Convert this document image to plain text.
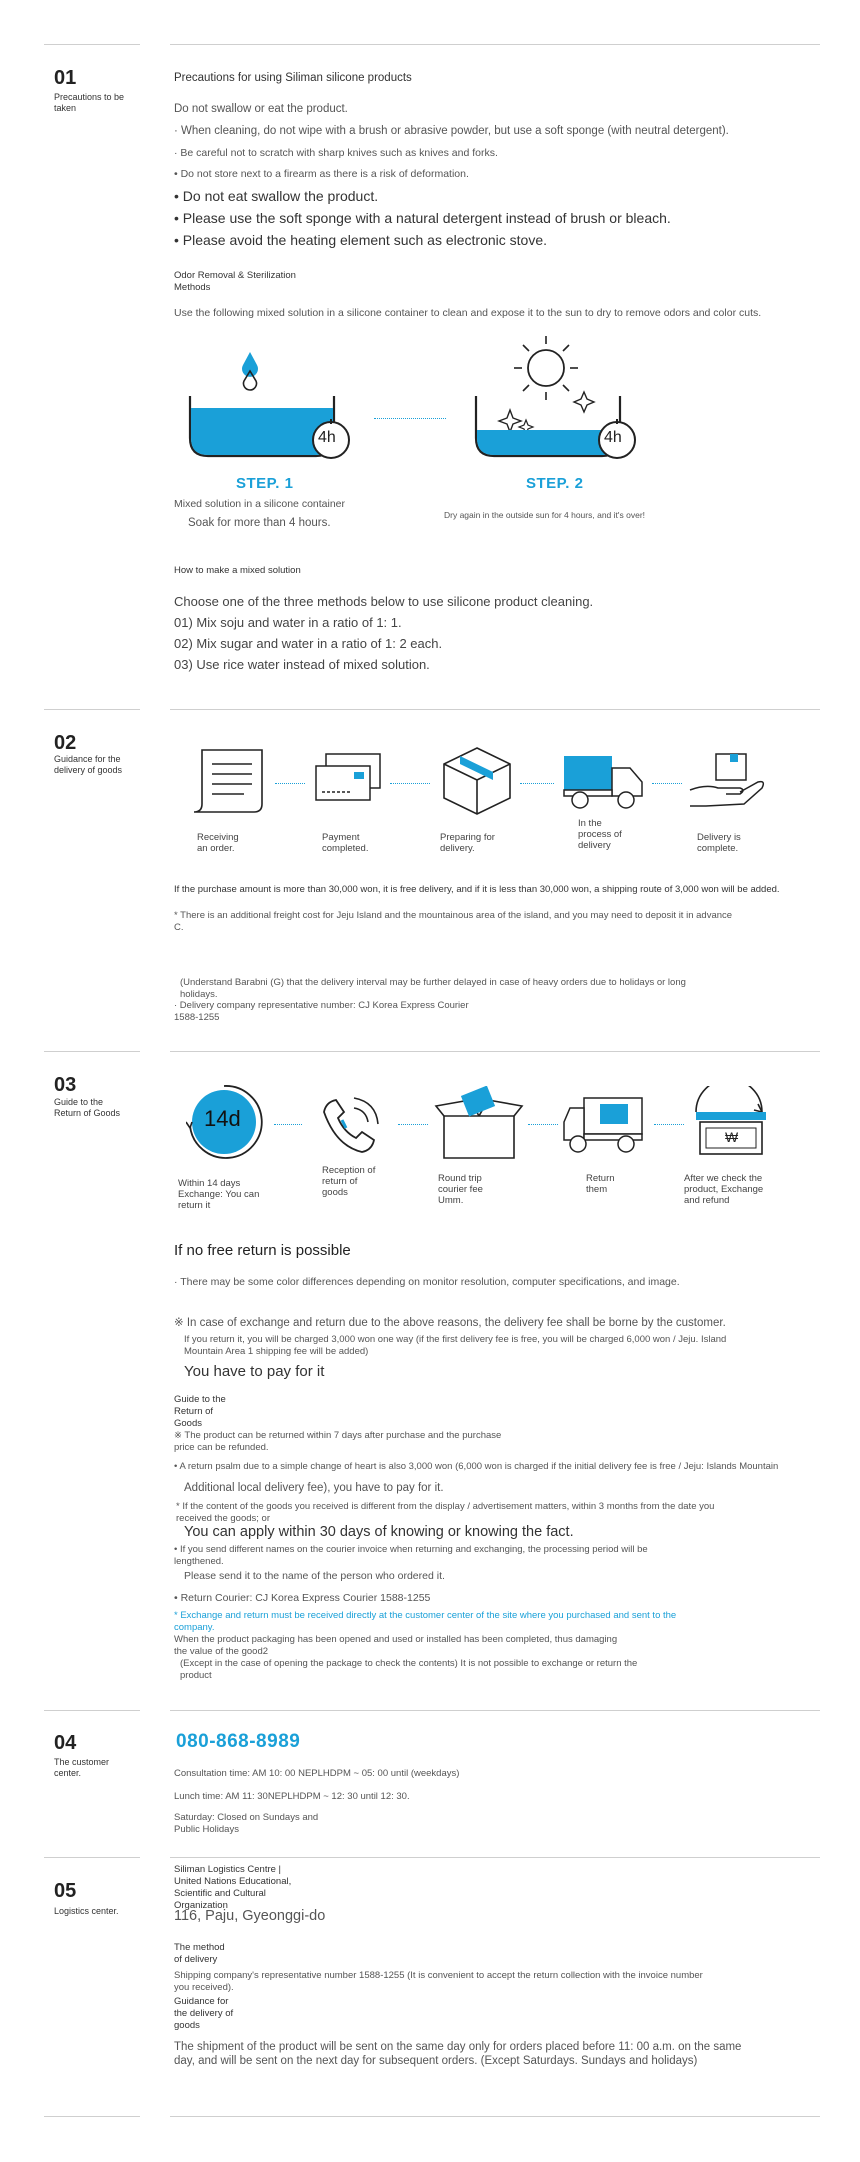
01
Precautions to be taken
Precautions for using Siliman silicone products
Do not swallow or eat the product.
· When cleaning, do not wipe with a brush or abrasive powder, but use a soft sponge (with neutral detergent).
· Be careful not to scratch with sharp knives such as knives and forks.
• Do not store next to a firearm as there is a risk of deformation.
• Do not eat swallow the product.
• Please use the soft sponge with a natural detergent instead of brush or bleach.
• Please avoid the heating element such as electronic stove.
Odor Removal & Sterilization Methods
Use the following mixed solution in a silicone container to clean and expose it to the sun to dry to remove odors and color cuts.
4h	4h
STEP. 1	STEP. 2
Mixed solution in a silicone container
Soak for more than 4 hours.
Dry again in the outside sun for 4 hours, and it's over!
How to make a mixed solution
Choose one of the three methods below to use silicone product cleaning.
01) Mix soju and water in a ratio of 1: 1.
02) Mix sugar and water in a ratio of 1: 2 each.
03) Use rice water instead of mixed solution.
02
Guidance for the delivery of goods
Receiving an order.
Payment completed.
Preparing for delivery.
In the process of delivery
Delivery is complete.
If the purchase amount is more than 30,000 won, it is free delivery, and if it is less than 30,000 won, a shipping route of 3,000 won will be added.
* There is an additional freight cost for Jeju Island and the mountainous area of the island, and you may need to deposit it in advance C.
(Understand Barabni (G) that the delivery interval may be further delayed in case of heavy orders due to holidays or long holidays.
· Delivery company representative number: CJ Korea Express Courier 1588-1255
03
Guide to the Return of Goods	14d
₩
Within 14 days Exchange: You can return it
Reception of return of goods
Round trip courier fee Umm.
Return them
After we check the product, Exchange and refund
If no free return is possible
· There may be some color differences depending on monitor resolution, computer specifications, and image.
※ In case of exchange and return due to the above reasons, the delivery fee shall be borne by the customer.
If you return it, you will be charged 3,000 won one way (if the first delivery fee is free, you will be charged 6,000 won / Jeju. Island Mountain Area 1 shipping fee will be added)
You have to pay for it
Guide to the Return of Goods
※ The product can be returned within 7 days after purchase and the purchase price can be refunded.
• A return psalm due to a simple change of heart is also 3,000 won (6,000 won is charged if the initial delivery fee is free / Jeju: Islands Mountain
Additional local delivery fee), you have to pay for it.
* If the content of the goods you received is different from the display / advertisement matters, within 3 months from the date you received the goods; or
You can apply within 30 days of knowing or knowing the fact.
• If you send different names on the courier invoice when returning and exchanging, the processing period will be lengthened.
Please send it to the name of the person who ordered it.
• Return Courier: CJ Korea Express Courier 1588-1255
* Exchange and return must be received directly at the customer center of the site where you purchased and sent to the company.
When the product packaging has been opened and used or installed has been completed, thus damaging the value of the good2
(Except in the case of opening the package to check the contents) It is not possible to exchange or return the product
04
The customer center.
080-868-8989
Consultation time: AM 10: 00 NEPLHDPM ~ 05: 00 until (weekdays)
Lunch time: AM 11: 30NEPLHDPM ~ 12: 30 until 12: 30.
Saturday: Closed on Sundays and Public Holidays
05
Logistics center.
Siliman Logistics Centre | United Nations Educational, Scientific and Cultural Organization
116, Paju, Gyeonggi-do
The method of delivery
Shipping company's representative number 1588-1255 (It is convenient to accept the return collection with the invoice number you received).
Guidance for the delivery of goods
The shipment of the product will be sent on the same day only for orders placed before 11: 00 a.m. on the same day, and will be sent on the next day for subsequent orders. (Except Saturdays. Sundays and holidays)
